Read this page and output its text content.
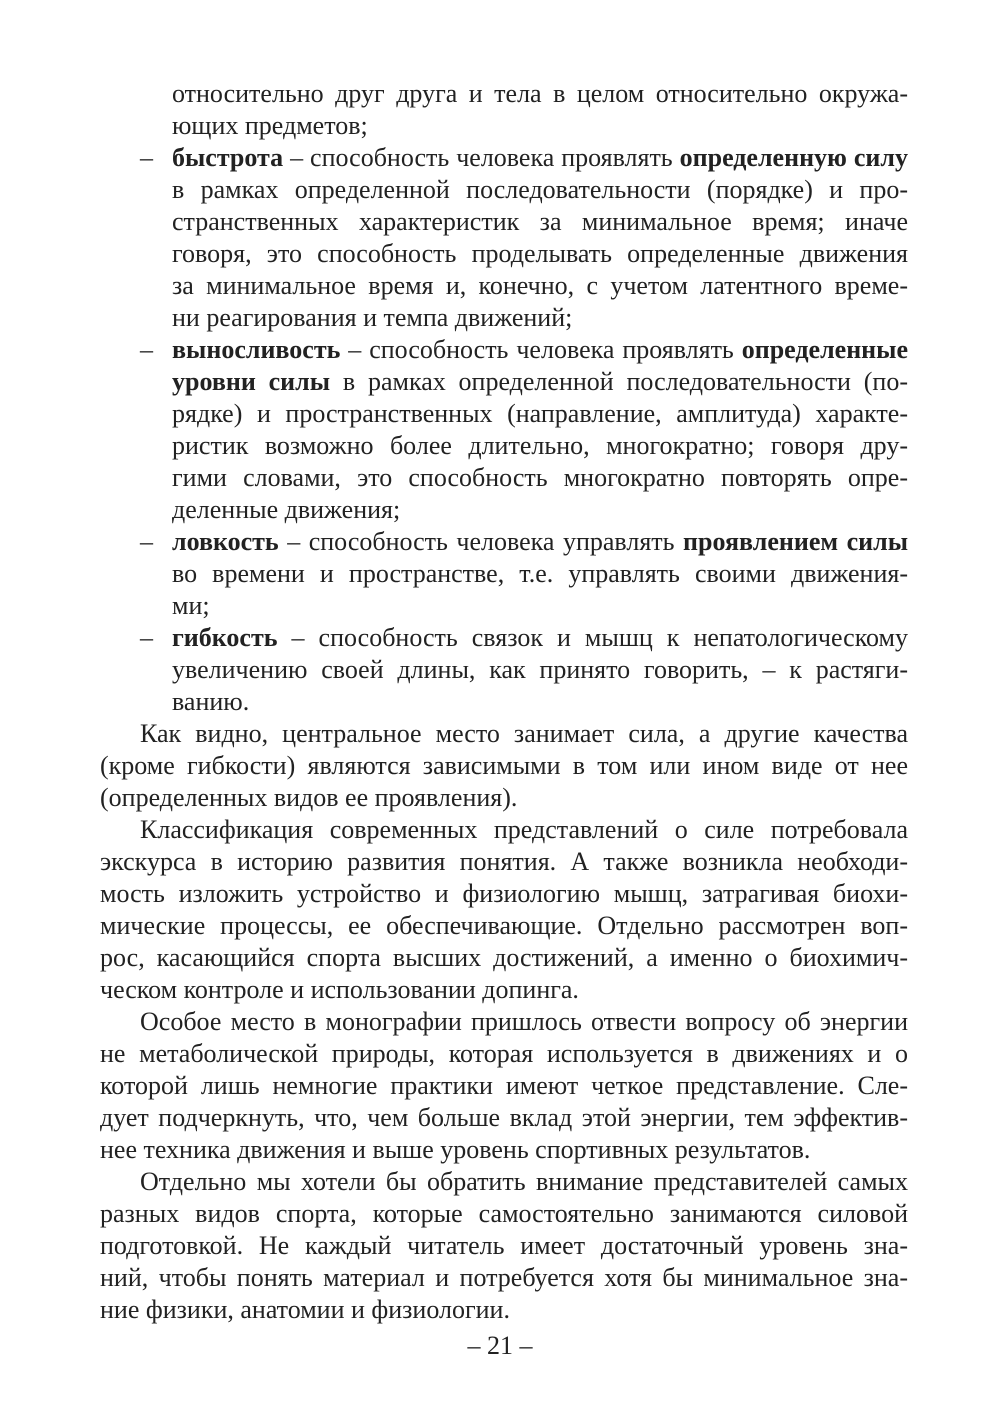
относительно друг друга и тела в целом относительно окружа-
ющих предметов;
– быстрота – способность человека проявлять определенную силу
в рамках определенной последовательности (порядке) и про-
странственных характеристик за минимальное время; иначе
говоря, это способность проделывать определенные движения
за минимальное время и, конечно, с учетом латентного време-
ни реагирования и темпа движений;
– выносливость – способность человека проявлять определенные
уровни силы в рамках определенной последовательности (по-
рядке) и пространственных (направление, амплитуда) характе-
ристик возможно более длительно, многократно; говоря дру-
гими словами, это способность многократно повторять опре-
деленные движения;
– ловкость – способность человека управлять проявлением силы
во времени и пространстве, т.е. управлять своими движения-
ми;
– гибкость – способность связок и мышц к непатологическому
увеличению своей длины, как принято говорить, – к растяги-
ванию.
Как видно, центральное место занимает сила, а другие качества
(кроме гибкости) являются зависимыми в том или ином виде от нее
(определенных видов ее проявления).
Классификация современных представлений о силе потребовала
экскурса в историю развития понятия. А также возникла необходи-
мость изложить устройство и физиологию мышц, затрагивая биохи-
мические процессы, ее обеспечивающие. Отдельно рассмотрен воп-
рос, касающийся спорта высших достижений, а именно о биохимич-
ческом контроле и использовании допинга.
Особое место в монографии пришлось отвести вопросу об энергии
не метаболической природы, которая используется в движениях и о
которой лишь немногие практики имеют четкое представление. Сле-
дует подчеркнуть, что, чем больше вклад этой энергии, тем эффектив-
нее техника движения и выше уровень спортивных результатов.
Отдельно мы хотели бы обратить внимание представителей самых
разных видов спорта, которые самостоятельно занимаются силовой
подготовкой. Не каждый читатель имеет достаточный уровень зна-
ний, чтобы понять материал и потребуется хотя бы минимальное зна-
ние физики, анатомии и физиологии.
– 21 –
